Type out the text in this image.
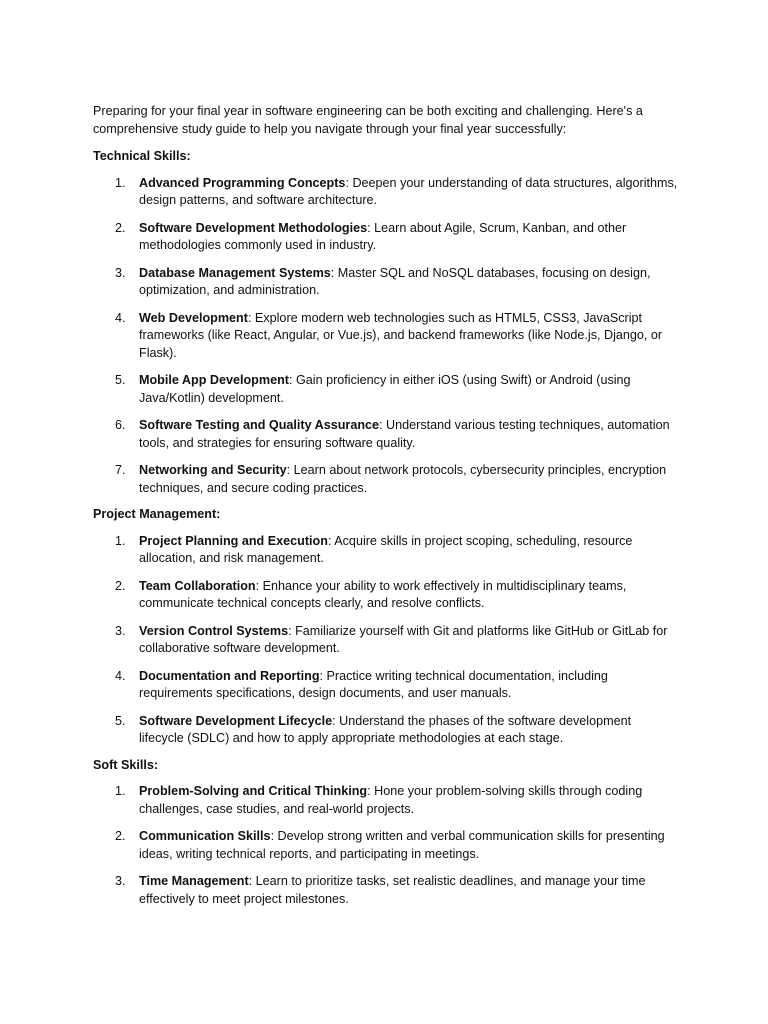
Preparing for your final year in software engineering can be both exciting and challenging. Here's a comprehensive study guide to help you navigate through your final year successfully:

Technical Skills:
1. Advanced Programming Concepts: Deepen your understanding of data structures, algorithms, design patterns, and software architecture.
2. Software Development Methodologies: Learn about Agile, Scrum, Kanban, and other methodologies commonly used in industry.
3. Database Management Systems: Master SQL and NoSQL databases, focusing on design, optimization, and administration.
4. Web Development: Explore modern web technologies such as HTML5, CSS3, JavaScript frameworks (like React, Angular, or Vue.js), and backend frameworks (like Node.js, Django, or Flask).
5. Mobile App Development: Gain proficiency in either iOS (using Swift) or Android (using Java/Kotlin) development.
6. Software Testing and Quality Assurance: Understand various testing techniques, automation tools, and strategies for ensuring software quality.
7. Networking and Security: Learn about network protocols, cybersecurity principles, encryption techniques, and secure coding practices.
Project Management:
1. Project Planning and Execution: Acquire skills in project scoping, scheduling, resource allocation, and risk management.
2. Team Collaboration: Enhance your ability to work effectively in multidisciplinary teams, communicate technical concepts clearly, and resolve conflicts.
3. Version Control Systems: Familiarize yourself with Git and platforms like GitHub or GitLab for collaborative software development.
4. Documentation and Reporting: Practice writing technical documentation, including requirements specifications, design documents, and user manuals.
5. Software Development Lifecycle: Understand the phases of the software development lifecycle (SDLC) and how to apply appropriate methodologies at each stage.
Soft Skills:
1. Problem-Solving and Critical Thinking: Hone your problem-solving skills through coding challenges, case studies, and real-world projects.
2. Communication Skills: Develop strong written and verbal communication skills for presenting ideas, writing technical reports, and participating in meetings.
3. Time Management: Learn to prioritize tasks, set realistic deadlines, and manage your time effectively to meet project milestones.
